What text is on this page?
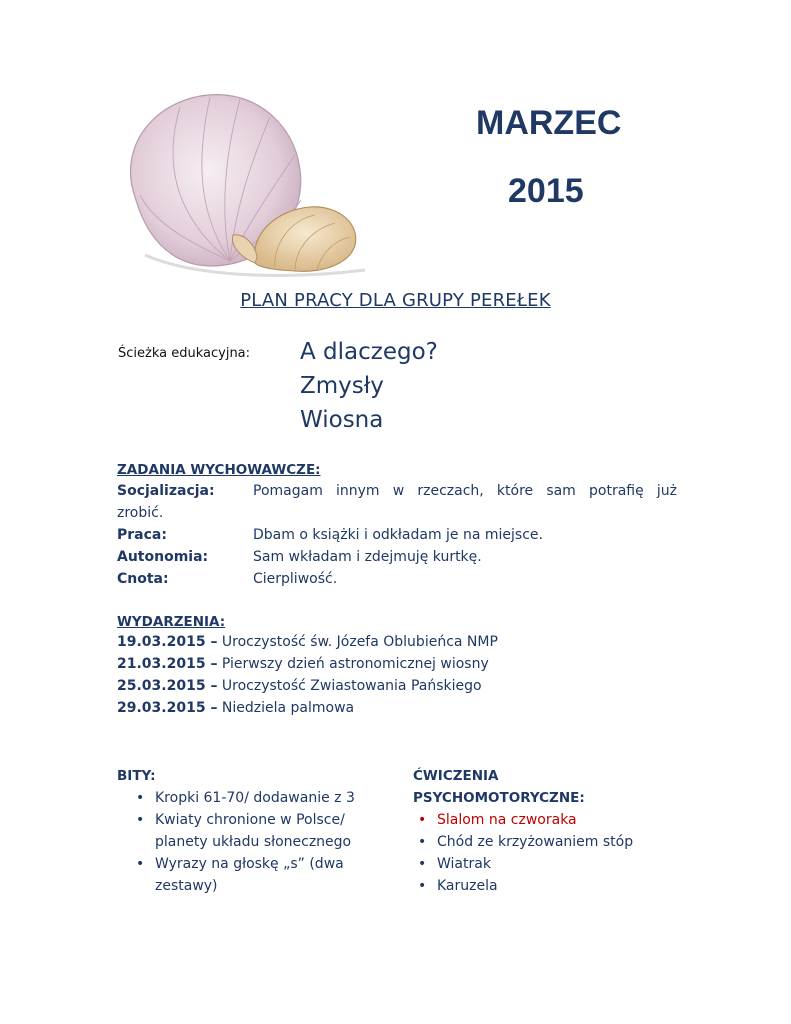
MARZEC
2015
PLAN PRACY DLA GRUPY PEREŁEK
Ścieżka edukacyjna: A dlaczego?
Zmysły
Wiosna
ZADANIA WYCHOWAWCZE:
Socjalizacja:	Pomagam innym w rzeczach, które sam potrafię już
zrobić.
Praca:	Dbam o książki i odkładam je na miejsce.
Autonomia:	Sam wkładam i zdejmuję kurtkę.
Cnota:	Cierpliwość.
WYDARZENIA:
19.03.2015 – Uroczystość św. Józefa Oblubieńca NMP
21.03.2015 – Pierwszy dzień astronomicznej wiosny
25.03.2015 – Uroczystość Zwiastowania Pańskiego
29.03.2015 – Niedziela palmowa
BITY:
• Kropki 61-70/ dodawanie z 3
• Kwiaty chronione w Polsce/
planety układu słonecznego
• Wyrazy na głoskę „s” (dwa
zestawy)
ĆWICZENIA
PSYCHOMOTORYCZNE:
• Slalom na czworaka
• Chód ze krzyżowaniem stóp
• Wiatrak
• Karuzela
